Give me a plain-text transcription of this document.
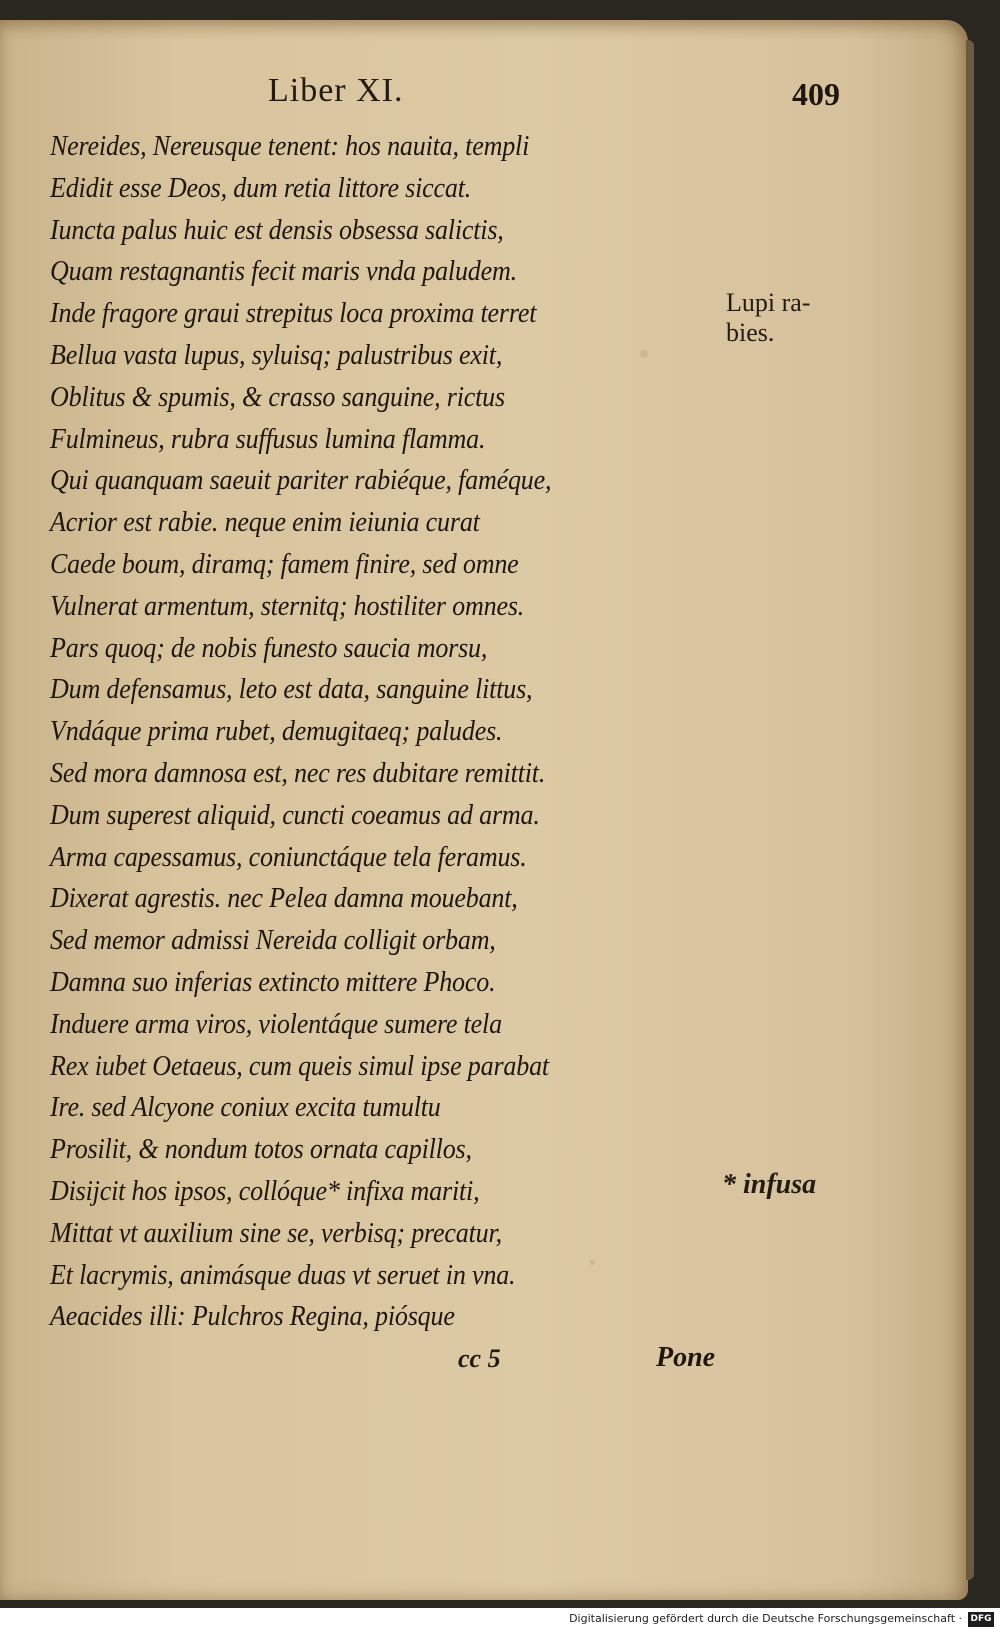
Liber XI.	409
Nereides, Nereusque tenent: hos nauita, templi
Edidit esse Deos, dum retia littore siccat.
Iuncta palus huic est densis obsessa salictis,
Quam restagnantis fecit maris vnda paludem.
Inde fragore graui strepitus loca proxima terret
Bellua vasta lupus, syluisq; palustribus exit,
Oblitus & spumis, & crasso sanguine, rictus
Fulmineus, rubra suffusus lumina flamma.
Qui quanquam saeuit pariter rabiéque, faméque,
Acrior est rabie. neque enim ieiunia curat
Caede boum, diramq; famem finire, sed omne
Vulnerat armentum, sternitq; hostiliter omnes.
Pars quoq; de nobis funesto saucia morsu,
Dum defensamus, leto est data, sanguine littus,
Vndáque prima rubet, demugitaeq; paludes.
Sed mora damnosa est, nec res dubitare remittit.
Dum superest aliquid, cuncti coeamus ad arma.
Arma capessamus, coniunctáque tela feramus.
Dixerat agrestis. nec Pelea damna mouebant,
Sed memor admissi Nereida colligit orbam,
Damna suo inferias extincto mittere Phoco.
Induere arma viros, violentáque sumere tela
Rex iubet Oetaeus, cum queis simul ipse parabat
Ire. sed Alcyone coniux excita tumultu
Prosilit, & nondum totos ornata capillos,
Disijcit hos ipsos, collóque* infixa mariti,
Mittat vt auxilium sine se, verbisq; precatur,
Et lacrymis, animásque duas vt seruet in vna.
Aeacides illi: Pulchros Regina, piósque
Lupi ra-
bies.
* infusa
cc 5	Pone
Digitalisierung gefördert durch die Deutsche Forschungsgemeinschaft · DFG
